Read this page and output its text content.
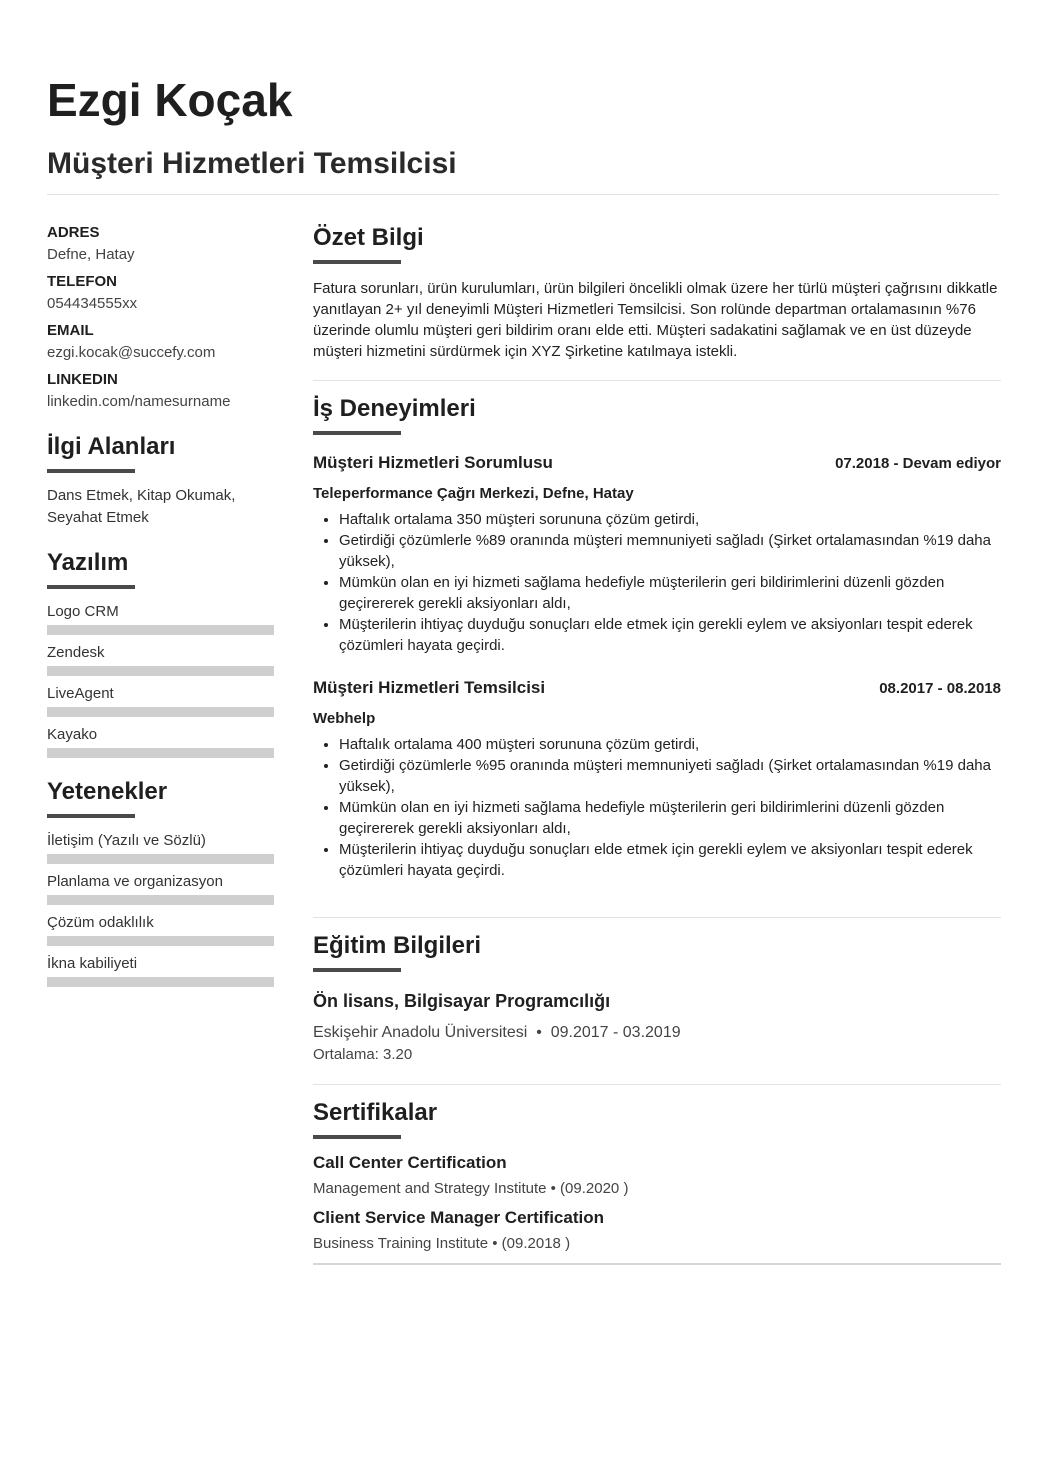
Ezgi Koçak
Müşteri Hizmetleri Temsilcisi
ADRES
Defne, Hatay
TELEFON
054434555xx
EMAIL
ezgi.kocak@succefy.com
LINKEDIN
linkedin.com/namesurname
İlgi Alanları
Dans Etmek, Kitap Okumak, Seyahat Etmek
Yazılım
Logo CRM
Zendesk
LiveAgent
Kayako
Yetenekler
İletişim (Yazılı ve Sözlü)
Planlama ve organizasyon
Çözüm odaklılık
İkna kabiliyeti
Özet Bilgi
Fatura sorunları, ürün kurulumları, ürün bilgileri öncelikli olmak üzere her türlü müşteri çağrısını dikkatle yanıtlayan 2+ yıl deneyimli Müşteri Hizmetleri Temsilcisi. Son rolünde departman ortalamasının %76 üzerinde olumlu müşteri geri bildirim oranı elde etti. Müşteri sadakatini sağlamak ve en üst düzeyde müşteri hizmetini sürdürmek için XYZ Şirketine katılmaya istekli.
İş Deneyimleri
Müşteri Hizmetleri Sorumlusu	07.2018 - Devam ediyor
Teleperformance Çağrı Merkezi, Defne, Hatay
• Haftalık ortalama 350 müşteri sorununa çözüm getirdi,
• Getirdiği çözümlerle %89 oranında müşteri memnuniyeti sağladı (Şirket ortalamasından %19 daha yüksek),
• Mümkün olan en iyi hizmeti sağlama hedefiyle müşterilerin geri bildirimlerini düzenli gözden geçirererek gerekli aksiyonları aldı,
• Müşterilerin ihtiyaç duyduğu sonuçları elde etmek için gerekli eylem ve aksiyonları tespit ederek çözümleri hayata geçirdi.
Müşteri Hizmetleri Temsilcisi	08.2017 - 08.2018
Webhelp
• Haftalık ortalama 400 müşteri sorununa çözüm getirdi,
• Getirdiği çözümlerle %95 oranında müşteri memnuniyeti sağladı (Şirket ortalamasından %19 daha yüksek),
• Mümkün olan en iyi hizmeti sağlama hedefiyle müşterilerin geri bildirimlerini düzenli gözden geçirererek gerekli aksiyonları aldı,
• Müşterilerin ihtiyaç duyduğu sonuçları elde etmek için gerekli eylem ve aksiyonları tespit ederek çözümleri hayata geçirdi.
Eğitim Bilgileri
Ön lisans, Bilgisayar Programcılığı
Eskişehir Anadolu Üniversitesi • 09.2017 - 03.2019
Ortalama: 3.20
Sertifikalar
Call Center Certification
Management and Strategy Institute • (09.2020 )
Client Service Manager Certification
Business Training Institute • (09.2018 )
